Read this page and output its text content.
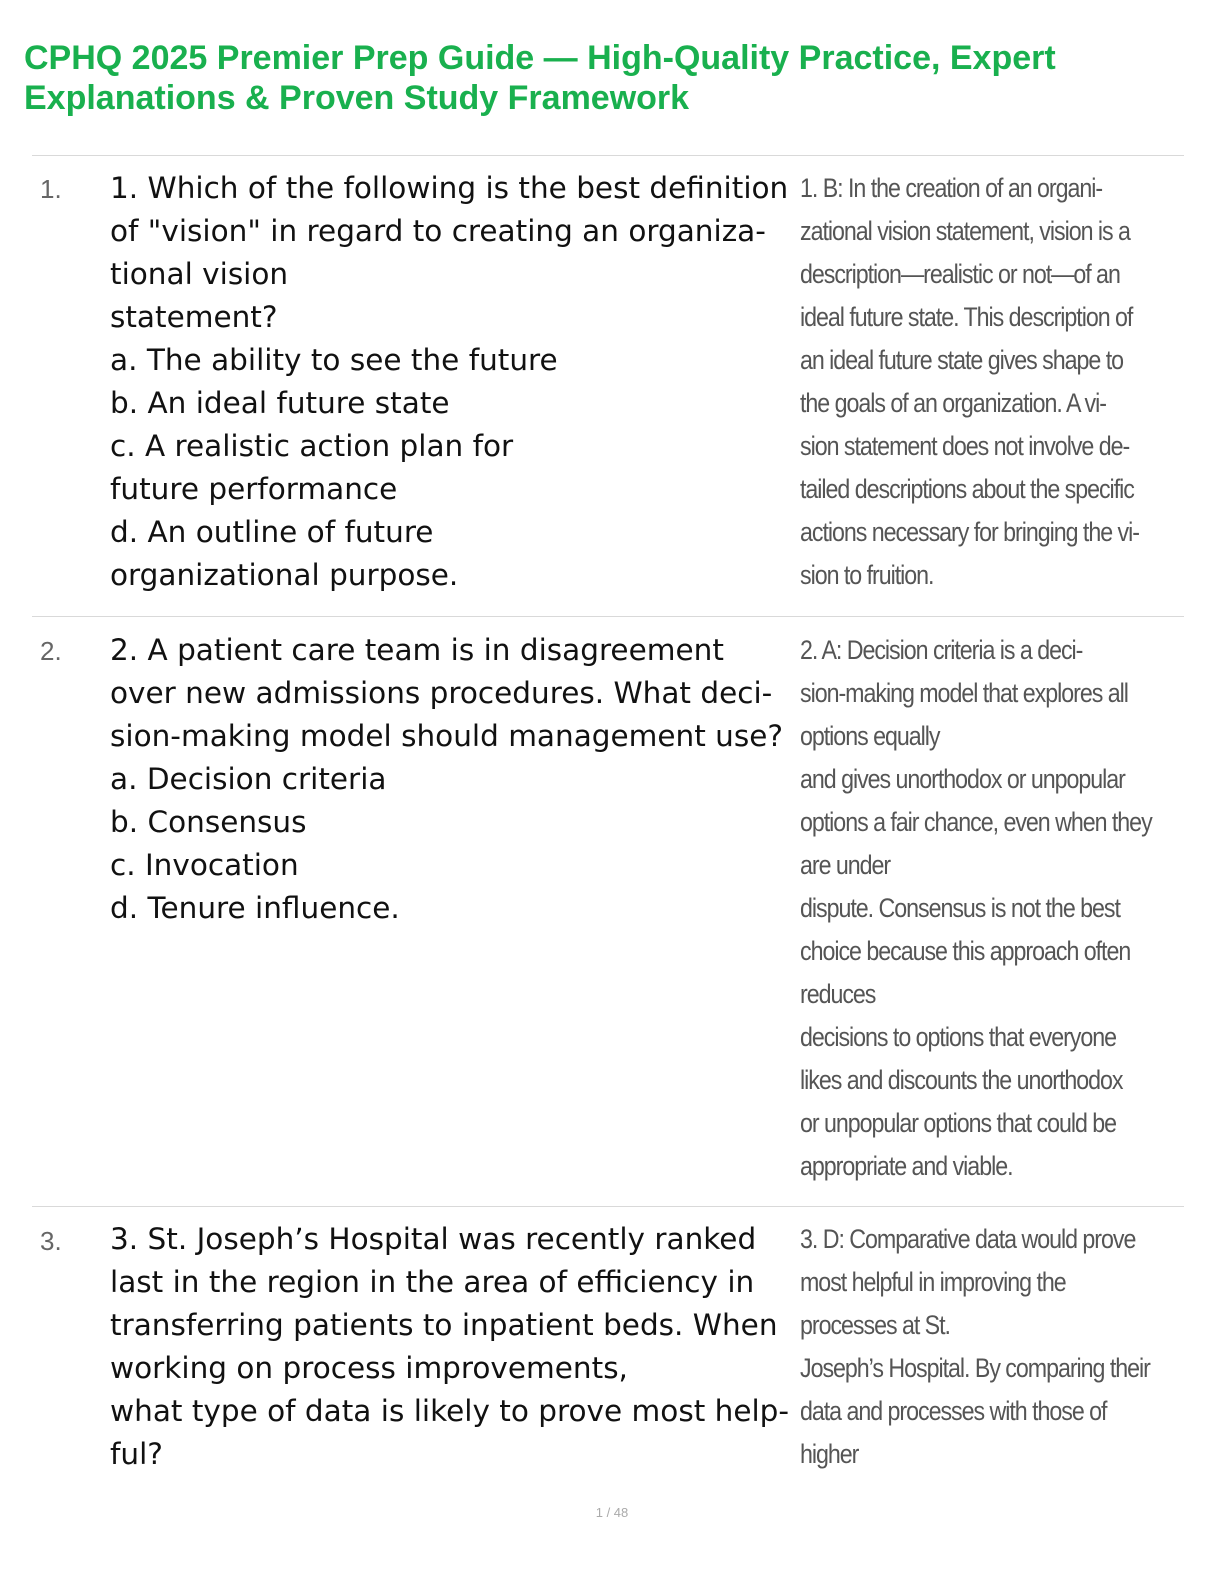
CPHQ 2025 Premier Prep Guide — High-Quality Practice, Expert
Explanations & Proven Study Framework
1.	1. Which of the following is the best definition
of "vision" in regard to creating an organiza-
tional vision
statement?
a. The ability to see the future
b. An ideal future state
c. A realistic action plan for
future performance
d. An outline of future
organizational purpose.
1. B: In the creation of an organi-
zational vision statement, vision is a
description—realistic or not—of an
ideal future state. This description of
an ideal future state gives shape to
the goals of an organization. A vi-
sion statement does not involve de-
tailed descriptions about the specific
actions necessary for bringing the vi-
sion to fruition.
2.	2. A patient care team is in disagreement
over new admissions procedures. What deci-
sion-making model should management use?
a. Decision criteria
b. Consensus
c. Invocation
d. Tenure influence.
2. A: Decision criteria is a deci-
sion-making model that explores all
options equally
and gives unorthodox or unpopular
options a fair chance, even when they
are under
dispute. Consensus is not the best
choice because this approach often
reduces
decisions to options that everyone
likes and discounts the unorthodox
or unpopular options that could be
appropriate and viable.
3.	3. St. Joseph’s Hospital was recently ranked
last in the region in the area of efficiency in
transferring patients to inpatient beds. When
working on process improvements,
what type of data is likely to prove most help-
ful?
3. D: Comparative data would prove
most helpful in improving the
processes at St.
Joseph’s Hospital. By comparing their
data and processes with those of
higher
1 / 48
